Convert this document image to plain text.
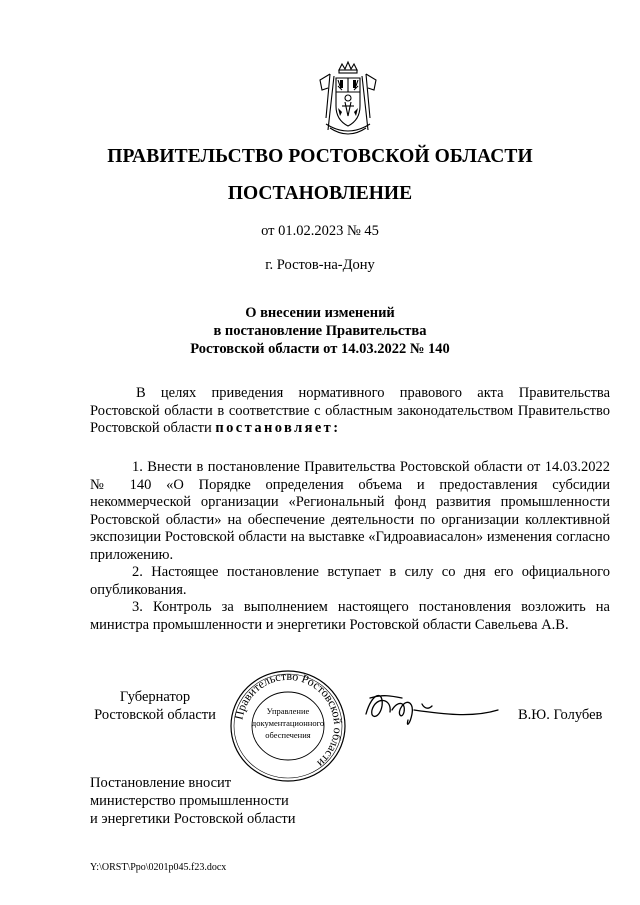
ПРАВИТЕЛЬСТВО РОСТОВСКОЙ ОБЛАСТИ
ПОСТАНОВЛЕНИЕ
от 01.02.2023 № 45
г. Ростов-на-Дону
О внесении изменений
в постановление Правительства
Ростовской области от 14.03.2022 № 140

В целях приведения нормативного правового акта Правительства Ростовской области в соответствие с областным законодательством Правительство Ростовской области постановляет:

1. Внести в постановление Правительства Ростовской области от 14.03.2022 № 140 «О Порядке определения объема и предоставления субсидии некоммерческой организации «Региональный фонд развития промышленности Ростовской области» на обеспечение деятельности по организации коллективной экспозиции Ростовской области на выставке «Гидроавиасалон» изменения согласно приложению.

2. Настоящее постановление вступает в силу со дня его официального опубликования.

3. Контроль за выполнением настоящего постановления возложить на министра промышленности и энергетики Ростовской области Савельева А.В.

Губернатор
Ростовской области	Правительство Ростовской области
Управление
документационного
обеспечения
В.Ю. Голубев
Постановление вносит
министерство промышленности
и энергетики Ростовской области
Y:\ORST\Ppo\0201p045.f23.docx
